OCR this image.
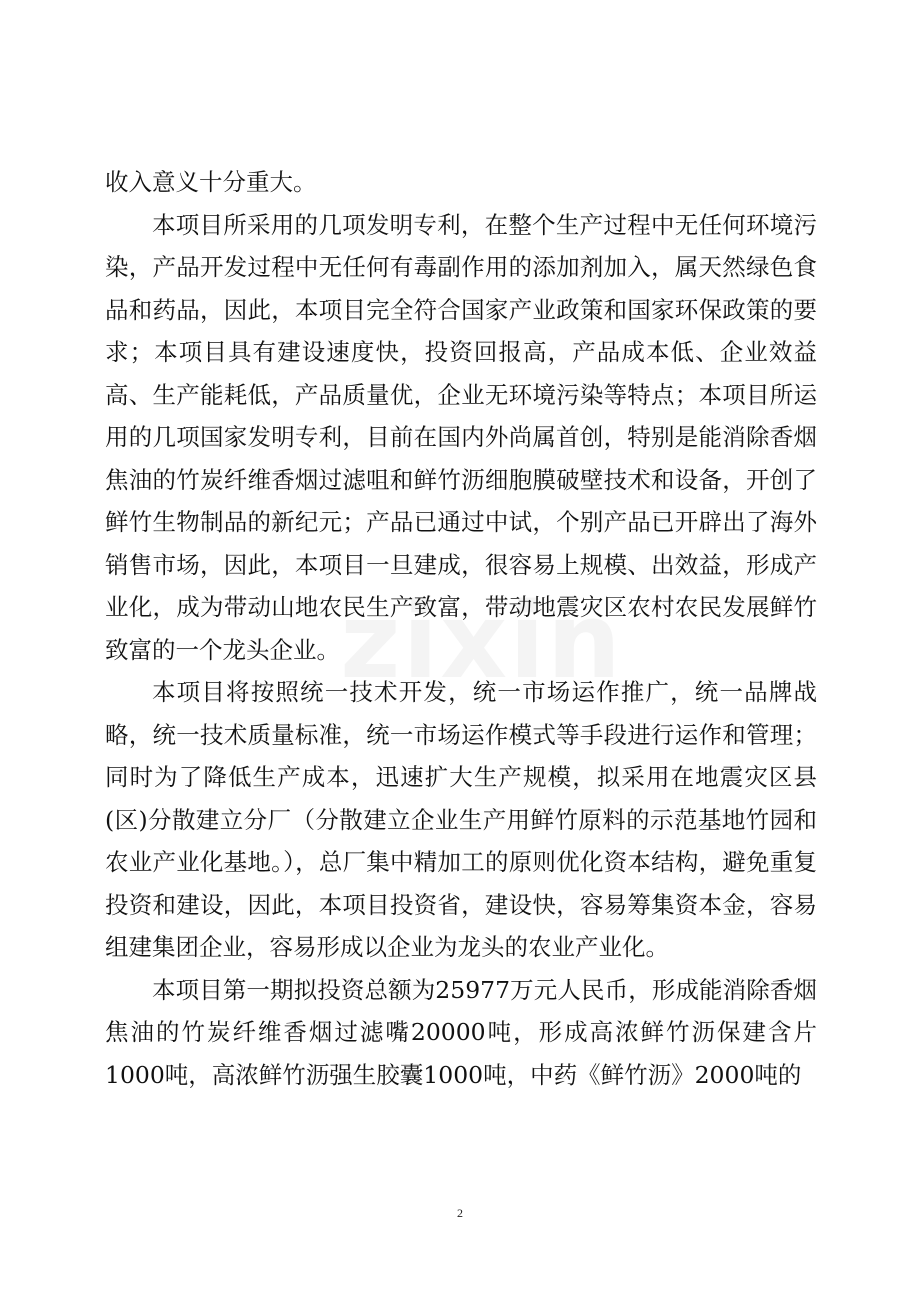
收入意义十分重大。

本项目所采用的几项发明专利，在整个生产过程中无任何环境污染，产品开发过程中无任何有毒副作用的添加剂加入，属天然绿色食品和药品，因此，本项目完全符合国家产业政策和国家环保政策的要求；本项目具有建设速度快，投资回报高，产品成本低、企业效益高、生产能耗低，产品质量优，企业无环境污染等特点；本项目所运用的几项国家发明专利，目前在国内外尚属首创，特别是能消除香烟焦油的竹炭纤维香烟过滤咀和鲜竹沥细胞膜破壁技术和设备，开创了鲜竹生物制品的新纪元；产品已通过中试，个别产品已开辟出了海外销售市场，因此，本项目一旦建成，很容易上规模、出效益，形成产业化，成为带动山地农民生产致富，带动地震灾区农村农民发展鲜竹致富的一个龙头企业。

本项目将按照统一技术开发，统一市场运作推广，统一品牌战略，统一技术质量标准，统一市场运作模式等手段进行运作和管理；同时为了降低生产成本，迅速扩大生产规模，拟采用在地震灾区县(区)分散建立分厂（分散建立企业生产用鲜竹原料的示范基地竹园和农业产业化基地。），总厂集中精加工的原则优化资本结构，避免重复投资和建设，因此，本项目投资省，建设快，容易筹集资本金，容易组建集团企业，容易形成以企业为龙头的农业产业化。

本项目第一期拟投资总额为25977万元人民币，形成能消除香烟焦油的竹炭纤维香烟过滤嘴20000吨，形成高浓鲜竹沥保建含片1000吨，高浓鲜竹沥强生胶囊1000吨，中药《鲜竹沥》2000吨的

2
